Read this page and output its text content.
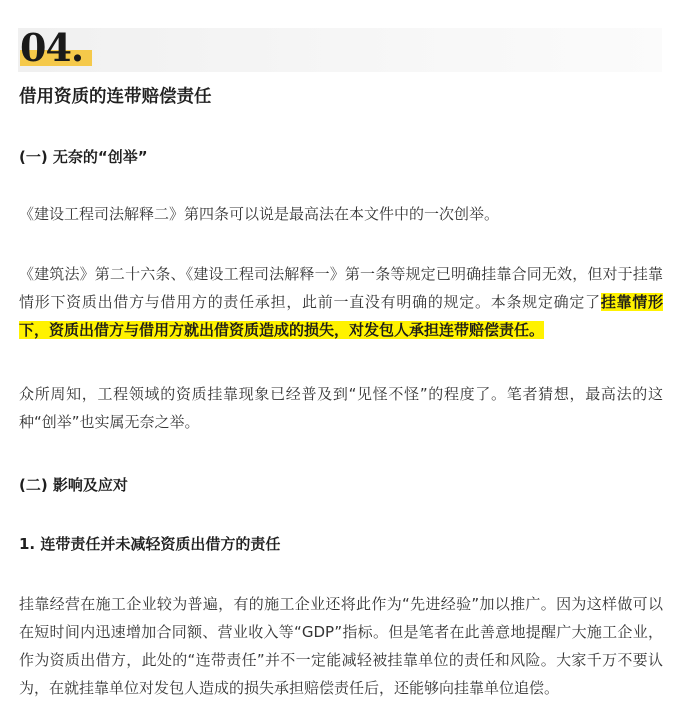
04.
借用资质的连带赔偿责任
(一) 无奈的“创举”

《建设工程司法解释二》第四条可以说是最高法在本文件中的一次创举。

《建筑法》第二十六条、《建设工程司法解释一》第一条等规定已明确挂靠合同无效，但对于挂靠情形下资质出借方与借用方的责任承担，此前一直没有明确的规定。本条规定确定了挂靠情形下，资质出借方与借用方就出借资质造成的损失，对发包人承担连带赔偿责任。

众所周知，工程领域的资质挂靠现象已经普及到“见怪不怪”的程度了。笔者猜想，最高法的这种“创举”也实属无奈之举。

(二) 影响及应对
1. 连带责任并未减轻资质出借方的责任

挂靠经营在施工企业较为普遍，有的施工企业还将此作为“先进经验”加以推广。因为这样做可以在短时间内迅速增加合同额、营业收入等“GDP”指标。但是笔者在此善意地提醒广大施工企业，作为资质出借方，此处的“连带责任”并不一定能减轻被挂靠单位的责任和风险。大家千万不要认为，在就挂靠单位对发包人造成的损失承担赔偿责任后，还能够向挂靠单位追偿。
